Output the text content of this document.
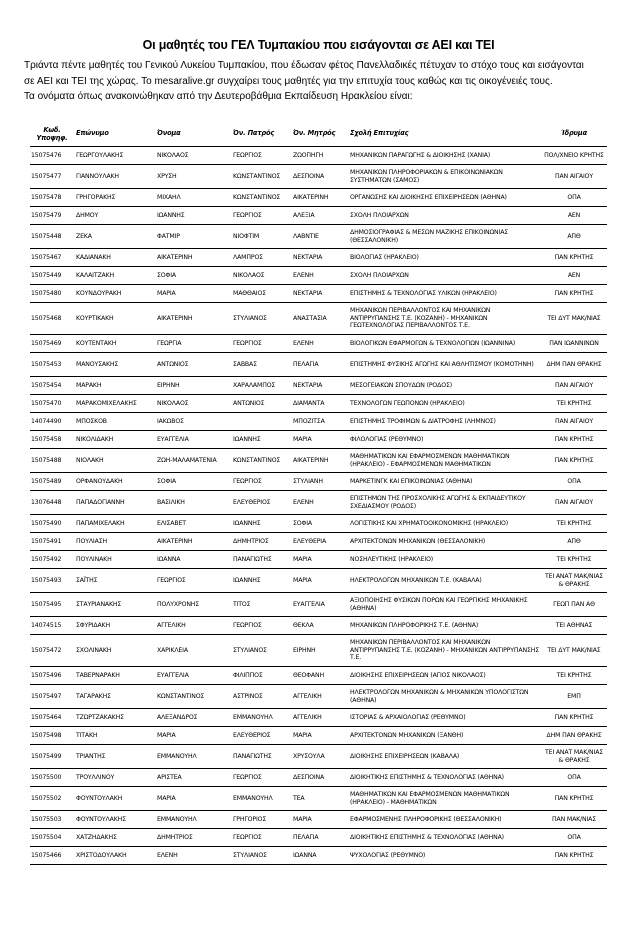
Οι μαθητές του ΓΕΛ Τυμπακίου που εισάγονται σε ΑΕΙ και ΤΕΙ

Τριάντα πέντε μαθητές του Γενικού Λυκείου Τυμπακίου, που έδωσαν φέτος Πανελλαδικές πέτυχαν το στόχο τους και εισάγονται

σε ΑΕΙ και ΤΕΙ της χώρας. Το mesaralive.gr συγχαίρει τους μαθητές για την επιτυχία τους καθώς και τις οικογένειές τους.

Τα ονόματα όπως ανακοινώθηκαν από την Δευτεροβάθμια Εκπαίδευση Ηρακλείου είναι:

Κωδ. Υποψηφ.	Επώνυμο	Όνομα	Όν. Πατρός	Όν. Μητρός	Σχολή Επιτυχίας	Ίδρυμα
15075476	ΓΕΩΡΓΟΥΛΑΚΗΣ	ΝΙΚΟΛΑΟΣ	ΓΕΩΡΓΙΟΣ	ΖΩΟΠΗΓΗ	ΜΗΧΑΝΙΚΩΝ ΠΑΡΑΓΩΓΗΣ & ΔΙΟΙΚΗΣΗΣ (ΧΑΝΙΑ)	ΠΟΛ/ΧΝΕΙΟ ΚΡΗΤΗΣ
15075477	ΓΙΑΝΝΟΥΛΑΚΗ	ΧΡΥΣΗ	ΚΩΝΣΤΑΝΤΙΝΟΣ	ΔΕΣΠΟΙΝΑ	ΜΗΧΑΝΙΚΩΝ ΠΛΗΡΟΦΟΡΙΑΚΩΝ & ΕΠΙΚΟΙΝΩΝΙΑΚΩΝ ΣΥΣΤΗΜΑΤΩΝ (ΣΑΜΟΣ)	ΠΑΝ ΑΙΓΑΙΟΥ
15075478	ΓΡΗΓΟΡΑΚΗΣ	ΜΙΧΑΗΛ	ΚΩΝΣΤΑΝΤΙΝΟΣ	ΑΙΚΑΤΕΡΙΝΗ	ΟΡΓΑΝΩΣΗΣ ΚΑΙ ΔΙΟΙΚΗΣΗΣ ΕΠΙΧΕΙΡΗΣΕΩΝ (ΑΘΗΝΑ)	ΟΠΑ
15075479	ΔΗΜΟΥ	ΙΩΑΝΝΗΣ	ΓΕΩΡΓΙΟΣ	ΑΛΕΞΙΑ	ΣΧΟΛΗ ΠΛΟΙΑΡΧΩΝ	ΑΕΝ
15075448	ΖΕΚΑ	ΦΑΤΜΙΡ	ΝΙΟΦΤΙΜ	ΛΑΒΝΤΙΕ	ΔΗΜΟΣΙΟΓΡΑΦΙΑΣ & ΜΕΣΩΝ ΜΑΖΙΚΗΣ ΕΠΙΚΟΙΝΩΝΙΑΣ (ΘΕΣΣΑΛΟΝΙΚΗ)	ΑΠΘ
15075467	ΚΑΔΙΑΝΑΚΗ	ΑΙΚΑΤΕΡΙΝΗ	ΛΑΜΠΡΟΣ	ΝΕΚΤΑΡΙΑ	ΒΙΟΛΟΓΙΑΣ (ΗΡΑΚΛΕΙΟ)	ΠΑΝ ΚΡΗΤΗΣ
15075449	ΚΑΛΑΙΤΖΑΚΗ	ΣΟΦΙΑ	ΝΙΚΟΛΑΟΣ	ΕΛΕΝΗ	ΣΧΟΛΗ ΠΛΟΙΑΡΧΩΝ	ΑΕΝ
15075480	ΚΟΥΝΔΟΥΡΑΚΗ	ΜΑΡΙΑ	ΜΑΘΘΑΙΟΣ	ΝΕΚΤΑΡΙΑ	ΕΠΙΣΤΗΜΗΣ & ΤΕΧΝΟΛΟΓΙΑΣ ΥΛΙΚΩΝ (ΗΡΑΚΛΕΙΟ)	ΠΑΝ ΚΡΗΤΗΣ
15075468	ΚΟΥΡΤΙΚΑΚΗ	ΑΙΚΑΤΕΡΙΝΗ	ΣΤΥΛΙΑΝΟΣ	ΑΝΑΣΤΑΣΙΑ	ΜΗΧΑΝΙΚΩΝ ΠΕΡΙΒΑΛΛΟΝΤΟΣ ΚΑΙ ΜΗΧΑΝΙΚΩΝ ΑΝΤΙΡΡΥΠΑΝΣΗΣ Τ.Ε. (ΚΟΖΑΝΗ) - ΜΗΧΑΝΙΚΩΝ ΓΕΩΤΕΧΝΟΛΟΓΙΑΣ ΠΕΡΙΒΑΛΛΟΝΤΟΣ Τ.Ε.	ΤΕΙ ΔΥΤ ΜΑΚ/ΝΙΑΣ
15075469	ΚΟΥΤΕΝΤΑΚΗ	ΓΕΩΡΓΙΑ	ΓΕΩΡΓΙΟΣ	ΕΛΕΝΗ	ΒΙΟΛΟΓΙΚΩΝ ΕΦΑΡΜΟΓΩΝ & ΤΕΧΝΟΛΟΓΙΩΝ (ΙΩΑΝΝΙΝΑ)	ΠΑΝ ΙΩΑΝΝΙΝΩΝ
15075453	ΜΑΝΟΥΣΑΚΗΣ	ΑΝΤΩΝΙΟΣ	ΣΑΒΒΑΣ	ΠΕΛΑΓΙΑ	ΕΠΙΣΤΗΜΗΣ ΦΥΣΙΚΗΣ ΑΓΩΓΗΣ ΚΑΙ ΑΘΛΗΤΙΣΜΟΥ (ΚΟΜΟΤΗΝΗ)	ΔΗΜ ΠΑΝ ΘΡΑΚΗΣ
15075454	ΜΑΡΑΚΗ	ΕΙΡΗΝΗ	ΧΑΡΑΛΑΜΠΟΣ	ΝΕΚΤΑΡΙΑ	ΜΕΣΟΓΕΙΑΚΩΝ ΣΠΟΥΔΩΝ (ΡΟΔΟΣ)	ΠΑΝ ΑΙΓΑΙΟΥ
15075470	ΜΑΡΑΚΟΜΙΧΕΛΑΚΗΣ	ΝΙΚΟΛΑΟΣ	ΑΝΤΩΝΙΟΣ	ΔΙΑΜΑΝΤΑ	ΤΕΧΝΟΛΟΓΩΝ ΓΕΩΠΟΝΩΝ (ΗΡΑΚΛΕΙΟ)	ΤΕΙ ΚΡΗΤΗΣ
14074490	ΜΠΟΣΚΟΒ	ΙΑΚΩΒΟΣ		ΜΠΟΖΙΤΣΑ	ΕΠΙΣΤΗΜΗΣ ΤΡΟΦΙΜΩΝ & ΔΙΑΤΡΟΦΗΣ (ΛΗΜΝΟΣ)	ΠΑΝ ΑΙΓΑΙΟΥ
15075458	ΝΙΚΟΛΙΔΑΚΗ	ΕΥΑΓΓΕΛΙΑ	ΙΩΑΝΝΗΣ	ΜΑΡΙΑ	ΦΙΛΟΛΟΓΙΑΣ (ΡΕΘΥΜΝΟ)	ΠΑΝ ΚΡΗΤΗΣ
15075488	ΝΙΟΛΑΚΗ	ΖΩΗ-ΜΑΛΑΜΑΤΕΝΙΑ	ΚΩΝΣΤΑΝΤΙΝΟΣ	ΑΙΚΑΤΕΡΙΝΗ	ΜΑΘΗΜΑΤΙΚΩΝ ΚΑΙ ΕΦΑΡΜΟΣΜΕΝΩΝ ΜΑΘΗΜΑΤΙΚΩΝ (ΗΡΑΚΛΕΙΟ) - ΕΦΑΡΜΟΣΜΕΝΩΝ ΜΑΘΗΜΑΤΙΚΩΝ	ΠΑΝ ΚΡΗΤΗΣ
15075489	ΟΡΦΑΝΟΥΔΑΚΗ	ΣΟΦΙΑ	ΓΕΩΡΓΙΟΣ	ΣΤΥΛΙΑΝΗ	ΜΑΡΚΕΤΙΝΓΚ ΚΑΙ ΕΠΙΚΟΙΝΩΝΙΑΣ (ΑΘΗΝΑ)	ΟΠΑ
13076448	ΠΑΠΑΔΟΓΙΑΝΝΗ	ΒΑΣΙΛΙΚΗ	ΕΛΕΥΘΕΡΙΟΣ	ΕΛΕΝΗ	ΕΠΙΣΤΗΜΩΝ ΤΗΣ ΠΡΟΣΧΟΛΙΚΗΣ ΑΓΩΓΗΣ & ΕΚΠΑΙΔΕΥΤΙΚΟΥ ΣΧΕΔΙΑΣΜΟΥ (ΡΟΔΟΣ)	ΠΑΝ ΑΙΓΑΙΟΥ
15075490	ΠΑΠΑΜΙΧΕΛΑΚΗ	ΕΛΙΣΑΒΕΤ	ΙΩΑΝΝΗΣ	ΣΟΦΙΑ	ΛΟΓΙΣΤΙΚΗΣ ΚΑΙ ΧΡΗΜΑΤΟΟΙΚΟΝΟΜΙΚΗΣ (ΗΡΑΚΛΕΙΟ)	ΤΕΙ ΚΡΗΤΗΣ
15075491	ΠΟΥΛΙΑΣΗ	ΑΙΚΑΤΕΡΙΝΗ	ΔΗΜΗΤΡΙΟΣ	ΕΛΕΥΘΕΡΙΑ	ΑΡΧΙΤΕΚΤΟΝΩΝ ΜΗΧΑΝΙΚΩΝ (ΘΕΣΣΑΛΟΝΙΚΗ)	ΑΠΘ
15075492	ΠΟΥΛΙΝΑΚΗ	ΙΩΑΝΝΑ	ΠΑΝΑΓΙΩΤΗΣ	ΜΑΡΙΑ	ΝΟΣΗΛΕΥΤΙΚΗΣ (ΗΡΑΚΛΕΙΟ)	ΤΕΙ ΚΡΗΤΗΣ
15075493	ΣΑΪΤΗΣ	ΓΕΩΡΓΙΟΣ	ΙΩΑΝΝΗΣ	ΜΑΡΙΑ	ΗΛΕΚΤΡΟΛΟΓΩΝ ΜΗΧΑΝΙΚΩΝ Τ.Ε. (ΚΑΒΑΛΑ)	ΤΕΙ ΑΝΑΤ ΜΑΚ/ΝΙΑΣ & ΘΡΑΚΗΣ
15075495	ΣΤΑΥΡΙΑΝΑΚΗΣ	ΠΟΛΥΧΡΟΝΗΣ	ΤΙΤΟΣ	ΕΥΑΓΓΕΛΙΑ	ΑΞΙΟΠΟΙΗΣΗΣ ΦΥΣΙΚΩΝ ΠΟΡΩΝ ΚΑΙ ΓΕΩΡΓΙΚΗΣ ΜΗΧΑΝΙΚΗΣ (ΑΘΗΝΑ)	ΓΕΩΠ ΠΑΝ ΑΘ
14074515	ΣΦΥΡΙΔΑΚΗ	ΑΓΓΕΛΙΚΗ	ΓΕΩΡΓΙΟΣ	ΘΕΚΛΑ	ΜΗΧΑΝΙΚΩΝ ΠΛΗΡΟΦΟΡΙΚΗΣ Τ.Ε. (ΑΘΗΝΑ)	ΤΕΙ ΑΘΗΝΑΣ
15075472	ΣΧΟΛΙΝΑΚΗ	ΧΑΡΙΚΛΕΙΑ	ΣΤΥΛΙΑΝΟΣ	ΕΙΡΗΝΗ	ΜΗΧΑΝΙΚΩΝ ΠΕΡΙΒΑΛΛΟΝΤΟΣ ΚΑΙ ΜΗΧΑΝΙΚΩΝ ΑΝΤΙΡΡΥΠΑΝΣΗΣ Τ.Ε. (ΚΟΖΑΝΗ) - ΜΗΧΑΝΙΚΩΝ ΑΝΤΙΡΡΥΠΑΝΣΗΣ Τ.Ε.	ΤΕΙ ΔΥΤ ΜΑΚ/ΝΙΑΣ
15075496	ΤΑΒΕΡΝΑΡΑΚΗ	ΕΥΑΓΓΕΛΙΑ	ΦΙΛΙΠΠΟΣ	ΘΕΟΦΑΝΗ	ΔΙΟΙΚΗΣΗΣ ΕΠΙΧΕΙΡΗΣΕΩΝ (ΑΓΙΟΣ ΝΙΚΟΛΑΟΣ)	ΤΕΙ ΚΡΗΤΗΣ
15075497	ΤΑΓΑΡΑΚΗΣ	ΚΩΝΣΤΑΝΤΙΝΟΣ	ΑΣΤΡΙΝΟΣ	ΑΓΓΕΛΙΚΗ	ΗΛΕΚΤΡΟΛΟΓΩΝ ΜΗΧΑΝΙΚΩΝ & ΜΗΧΑΝΙΚΩΝ ΥΠΟΛΟΓΙΣΤΩΝ (ΑΘΗΝΑ)	ΕΜΠ
15075464	ΤΖΩΡΤΖΑΚΑΚΗΣ	ΑΛΕΞΑΝΔΡΟΣ	ΕΜΜΑΝΟΥΗΛ	ΑΓΓΕΛΙΚΗ	ΙΣΤΟΡΙΑΣ & ΑΡΧΑΙΟΛΟΓΙΑΣ (ΡΕΘΥΜΝΟ)	ΠΑΝ ΚΡΗΤΗΣ
15075498	ΤΙΤΑΚΗ	ΜΑΡΙΑ	ΕΛΕΥΘΕΡΙΟΣ	ΜΑΡΙΑ	ΑΡΧΙΤΕΚΤΟΝΩΝ ΜΗΧΑΝΙΚΩΝ (ΞΑΝΘΗ)	ΔΗΜ ΠΑΝ ΘΡΑΚΗΣ
15075499	ΤΡΙΑΝΤΗΣ	ΕΜΜΑΝΟΥΗΛ	ΠΑΝΑΓΙΩΤΗΣ	ΧΡΥΣΟΥΛΑ	ΔΙΟΙΚΗΣΗΣ ΕΠΙΧΕΙΡΗΣΕΩΝ (ΚΑΒΑΛΑ)	ΤΕΙ ΑΝΑΤ ΜΑΚ/ΝΙΑΣ & ΘΡΑΚΗΣ
15075500	ΤΡΟΥΛΛΙΝΟΥ	ΑΡΙΣΤΕΑ	ΓΕΩΡΓΙΟΣ	ΔΕΣΠΟΙΝΑ	ΔΙΟΙΚΗΤΙΚΗΣ ΕΠΙΣΤΗΜΗΣ & ΤΕΧΝΟΛΟΓΙΑΣ (ΑΘΗΝΑ)	ΟΠΑ
15075502	ΦΟΥΝΤΟΥΛΑΚΗ	ΜΑΡΙΑ	ΕΜΜΑΝΟΥΗΛ	ΤΕΑ	ΜΑΘΗΜΑΤΙΚΩΝ ΚΑΙ ΕΦΑΡΜΟΣΜΕΝΩΝ ΜΑΘΗΜΑΤΙΚΩΝ (ΗΡΑΚΛΕΙΟ) - ΜΑΘΗΜΑΤΙΚΩΝ	ΠΑΝ ΚΡΗΤΗΣ
15075503	ΦΟΥΝΤΟΥΛΑΚΗΣ	ΕΜΜΑΝΟΥΗΛ	ΓΡΗΓΟΡΙΟΣ	ΜΑΡΙΑ	ΕΦΑΡΜΟΣΜΕΝΗΣ ΠΛΗΡΟΦΟΡΙΚΗΣ (ΘΕΣΣΑΛΟΝΙΚΗ)	ΠΑΝ ΜΑΚ/ΝΙΑΣ
15075504	ΧΑΤΖΗΔΑΚΗΣ	ΔΗΜΗΤΡΙΟΣ	ΓΕΩΡΓΙΟΣ	ΠΕΛΑΓΙΑ	ΔΙΟΙΚΗΤΙΚΗΣ ΕΠΙΣΤΗΜΗΣ & ΤΕΧΝΟΛΟΓΙΑΣ (ΑΘΗΝΑ)	ΟΠΑ
15075466	ΧΡΙΣΤΟΔΟΥΛΑΚΗ	ΕΛΕΝΗ	ΣΤΥΛΙΑΝΟΣ	ΙΩΑΝΝΑ	ΨΥΧΟΛΟΓΙΑΣ (ΡΕΘΥΜΝΟ)	ΠΑΝ ΚΡΗΤΗΣ
